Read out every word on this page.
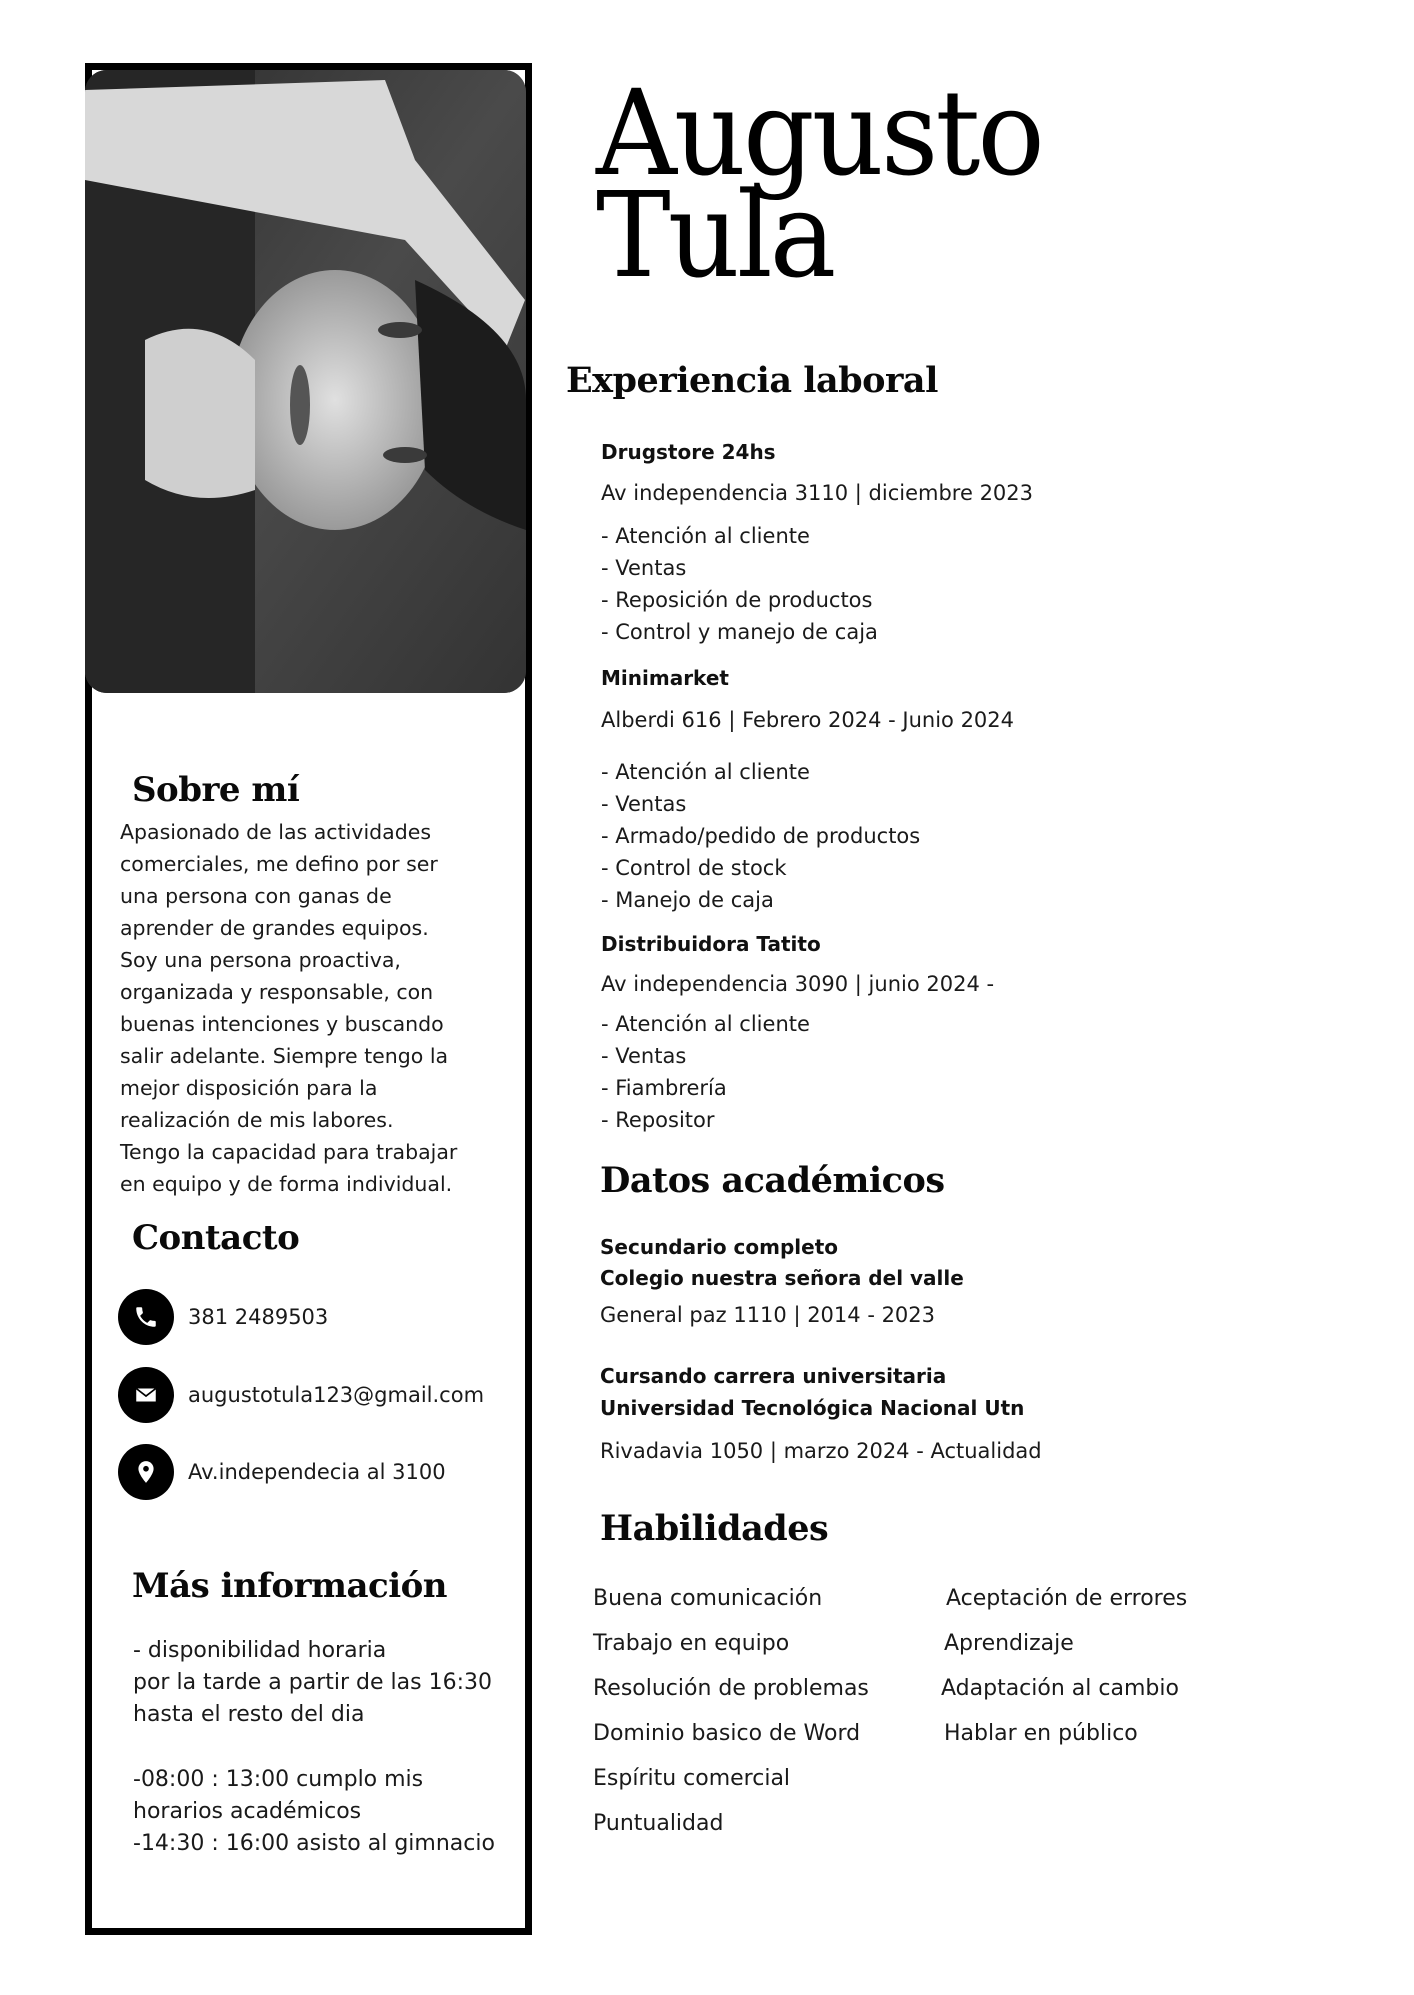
Sobre mí
Apasionado de las actividades
comerciales, me defino por ser
una persona con ganas de
aprender de grandes equipos.
Soy una persona proactiva,
organizada y responsable, con
buenas intenciones y buscando
salir adelante. Siempre tengo la
mejor disposición para la
realización de mis labores.
Tengo la capacidad para trabajar
en equipo y de forma individual.
Contacto
381 2489503
augustotula123@gmail.com
Av.independecia al 3100
Más información
- disponibilidad horaria
por la tarde a partir de las 16:30
hasta el resto del dia
-08:00 : 13:00 cumplo mis
horarios académicos
-14:30 : 16:00 asisto al gimnacio
Augusto
Tula
Experiencia laboral
Drugstore 24hs
Av independencia 3110 | diciembre 2023
- Atención al cliente
- Ventas
- Reposición de productos
- Control y manejo de caja
Minimarket
Alberdi 616 | Febrero 2024 - Junio 2024
- Atención al cliente
- Ventas
- Armado/pedido de productos
- Control de stock
- Manejo de caja
Distribuidora Tatito
Av independencia 3090 | junio 2024 -
- Atención al cliente
- Ventas
- Fiambrería
- Repositor
Datos académicos
Secundario completo
Colegio nuestra señora del valle
General paz 1110 | 2014 - 2023
Cursando carrera universitaria
Universidad Tecnológica Nacional Utn
Rivadavia 1050 | marzo 2024 - Actualidad
Habilidades
Buena comunicación
Trabajo en equipo
Resolución de problemas
Dominio basico de Word
Espíritu comercial
Puntualidad
Aceptación de errores
Aprendizaje
Adaptación al cambio
Hablar en público
